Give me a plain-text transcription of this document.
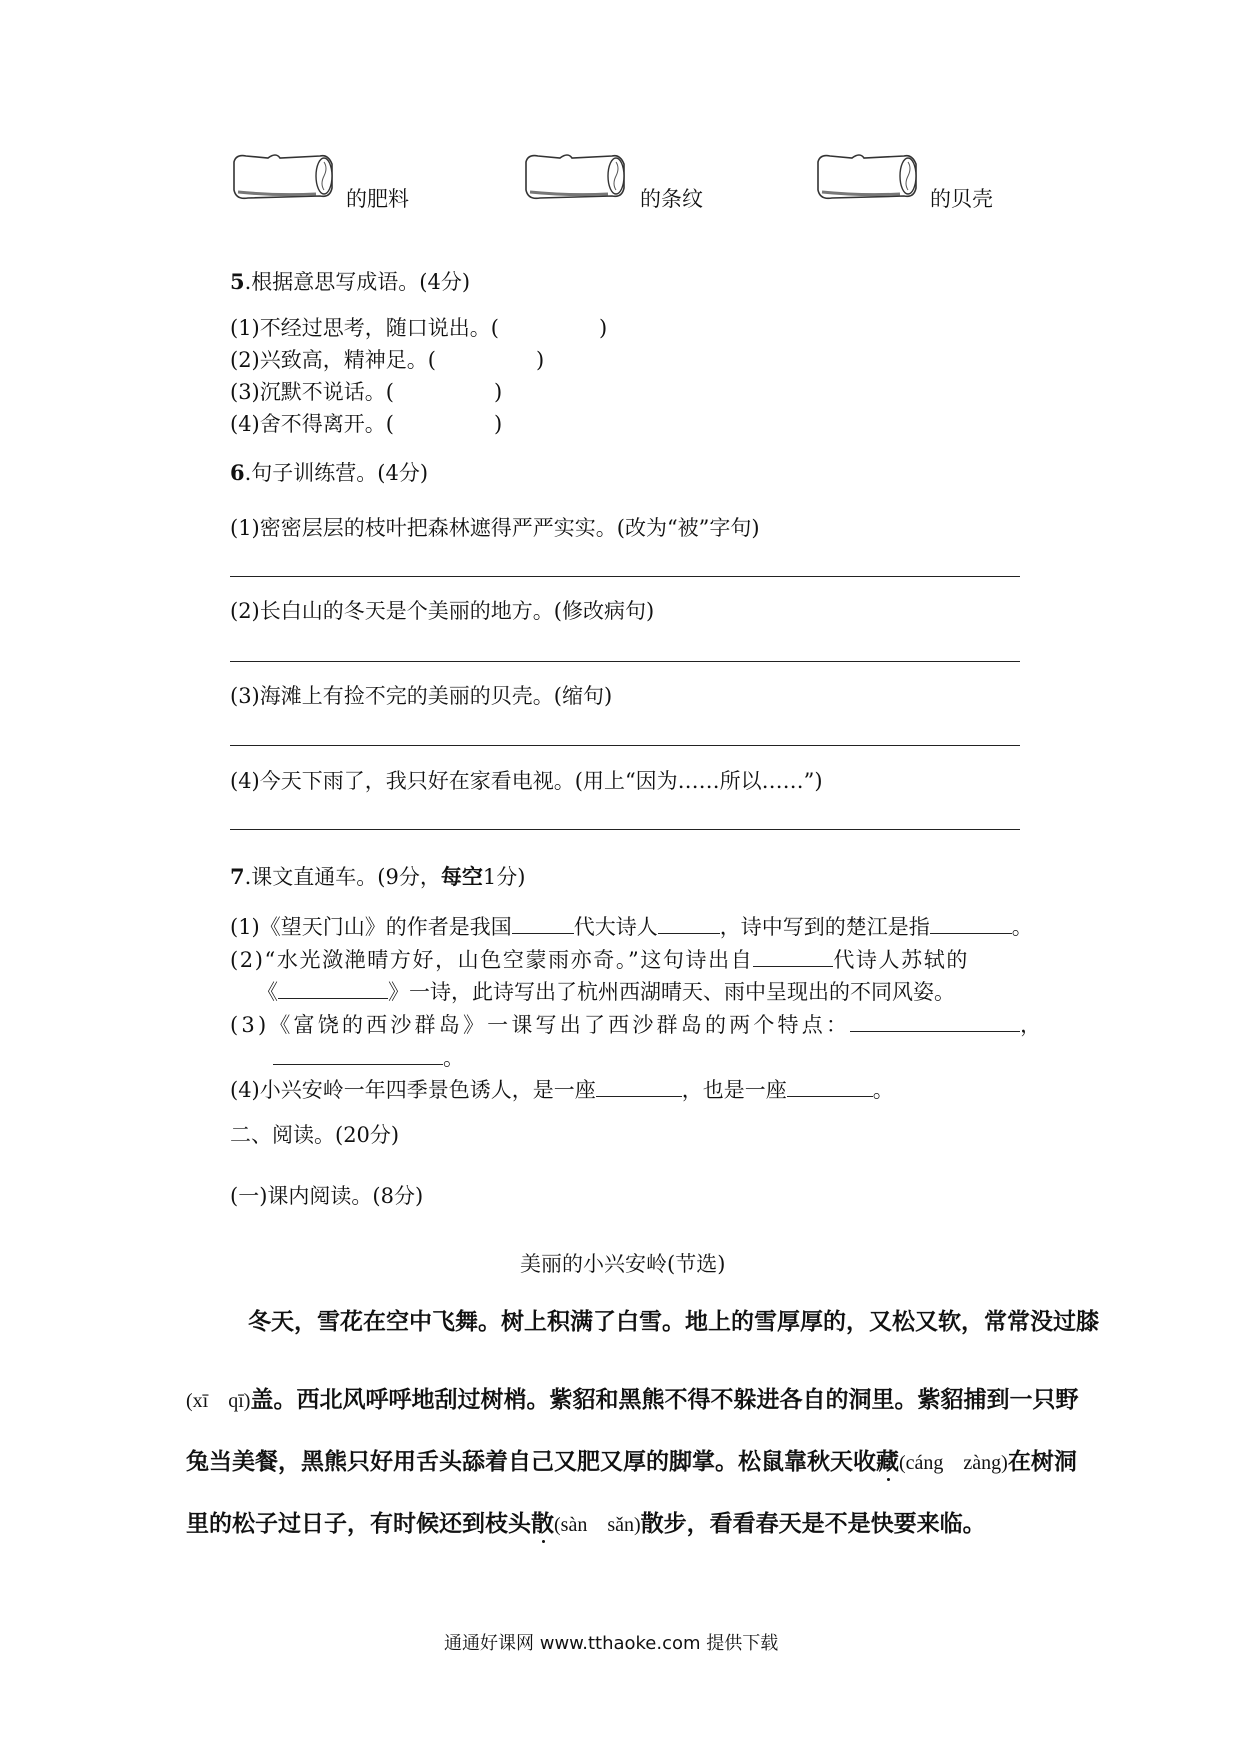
的肥料	的条纹	的贝壳
5.根据意思写成语。(4分)
(1)不经过思考，随口说出。(	)
(2)兴致高，精神足。(	)
(3)沉默不说话。(	)
(4)舍不得离开。(	)
6.句子训练营。(4分)
(1)密密层层的枝叶把森林遮得严严实实。(改为“被”字句)
(2)长白山的冬天是个美丽的地方。(修改病句)
(3)海滩上有捡不完的美丽的贝壳。(缩句)
(4)今天下雨了，我只好在家看电视。(用上“因为……所以……”)
7.课文直通车。(9分，每空1分)
(1)《望天门山》的作者是我国	代大诗人	，诗中写到的楚江是指	。
(2)“水光潋滟晴方好，山色空蒙雨亦奇。”这句诗出自	代诗人苏轼的
《	》一诗，此诗写出了杭州西湖晴天、雨中呈现出的不同风姿。
(3)《富饶的西沙群岛》一课写出了西沙群岛的两个特点：	，
。
(4)小兴安岭一年四季景色诱人，是一座	，也是一座	。
二、阅读。(20分)
(一)课内阅读。(8分)
美丽的小兴安岭(节选)
冬天，雪花在空中飞舞。树上积满了白雪。地上的雪厚厚的，又松又软，常常没过膝
(xī　qī)盖。西北风呼呼地刮过树梢。紫貂和黑熊不得不躲进各自的洞里。紫貂捕到一只野
兔当美餐，黑熊只好用舌头舔着自己又肥又厚的脚掌。松鼠靠秋天收藏(cáng　zàng)在树洞
里的松子过日子，有时候还到枝头散(sàn　sǎn)散步，看看春天是不是快要来临。
通通好课网 www.tthaoke.com 提供下载
